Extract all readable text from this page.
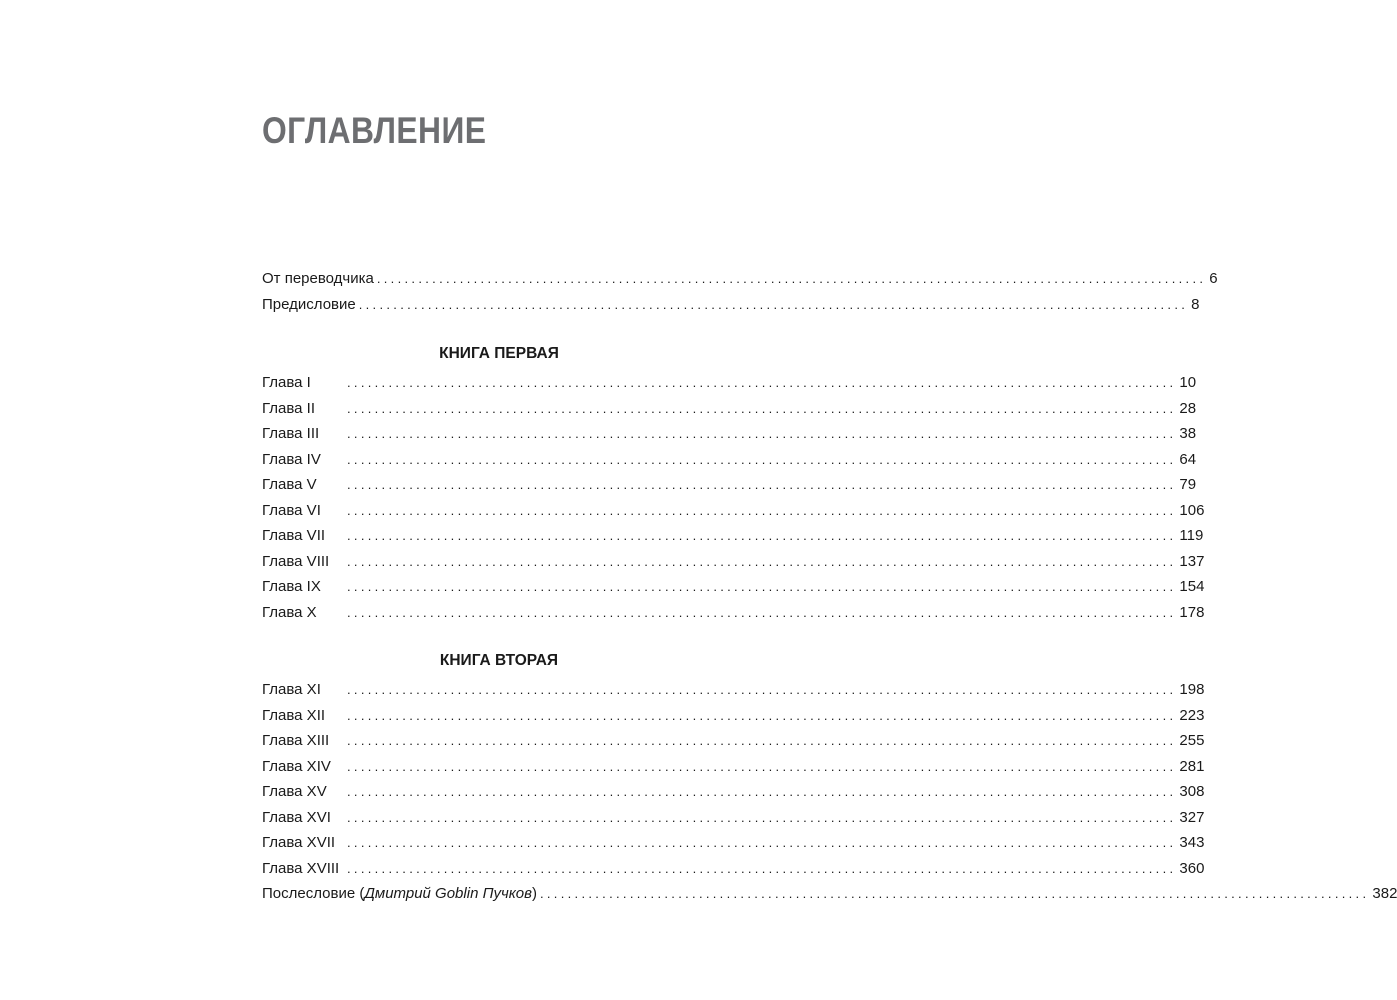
ОГЛАВЛЕНИЕ
От переводчика ........................................................................................................................ 6
Предисловие ........................................................................................................................ 8
КНИГА ПЕРВАЯ
Глава I	........................................................................................................................ 10
Глава II	........................................................................................................................ 28
Глава III	........................................................................................................................ 38
Глава IV	........................................................................................................................ 64
Глава V	........................................................................................................................ 79
Глава VI	........................................................................................................................ 106
Глава VII	........................................................................................................................ 119
Глава VIII	........................................................................................................................ 137
Глава IX	........................................................................................................................ 154
Глава X	........................................................................................................................ 178
КНИГА ВТОРАЯ
Глава XI	........................................................................................................................ 198
Глава XII	........................................................................................................................ 223
Глава XIII	........................................................................................................................ 255
Глава XIV	........................................................................................................................ 281
Глава XV	........................................................................................................................ 308
Глава XVI	........................................................................................................................ 327
Глава XVII ........................................................................................................................ 343
Глава XVIII ........................................................................................................................ 360
Послесловие (Дмитрий Goblin Пучков) ........................................................................................................................ 382
